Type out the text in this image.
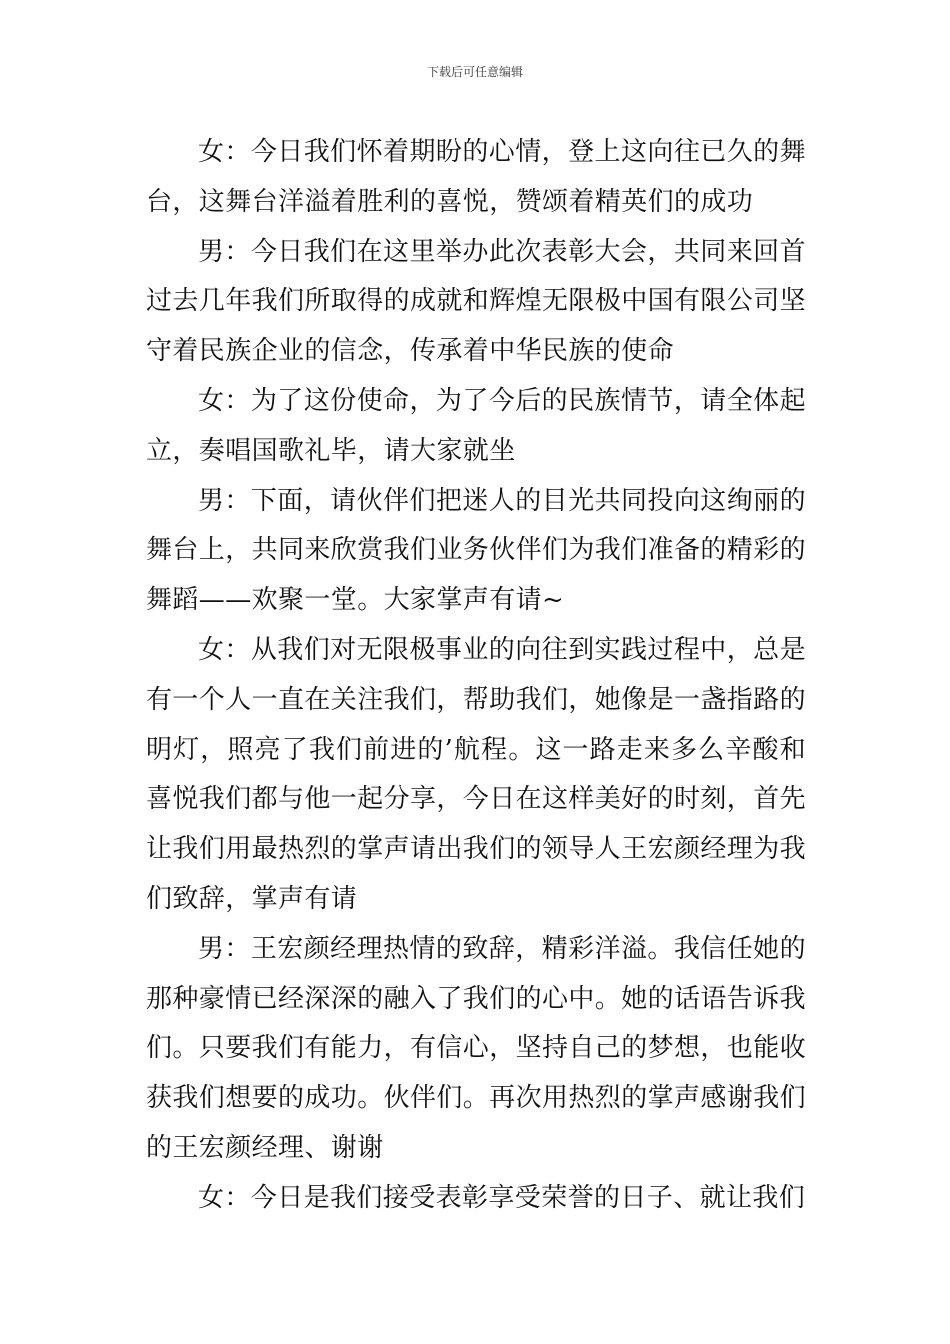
下载后可任意编辑

女：今日我们怀着期盼的心情，登上这向往已久的舞台，这舞台洋溢着胜利的喜悦，赞颂着精英们的成功

男：今日我们在这里举办此次表彰大会，共同来回首过去几年我们所取得的成就和辉煌无限极中国有限公司坚守着民族企业的信念，传承着中华民族的使命

女：为了这份使命，为了今后的民族情节，请全体起立，奏唱国歌礼毕，请大家就坐

男：下面，请伙伴们把迷人的目光共同投向这绚丽的舞台上，共同来欣赏我们业务伙伴们为我们准备的精彩的舞蹈——欢聚一堂。大家掌声有请~

女：从我们对无限极事业的向往到实践过程中，总是有一个人一直在关注我们，帮助我们，她像是一盏指路的明灯，照亮了我们前进的’航程。这一路走来多么辛酸和喜悦我们都与他一起分享，今日在这样美好的时刻，首先让我们用最热烈的掌声请出我们的领导人王宏颜经理为我们致辞，掌声有请

男：王宏颜经理热情的致辞，精彩洋溢。我信任她的那种豪情已经深深的融入了我们的心中。她的话语告诉我们。只要我们有能力，有信心，坚持自己的梦想，也能收获我们想要的成功。伙伴们。再次用热烈的掌声感谢我们的王宏颜经理、谢谢

女：今日是我们接受表彰享受荣誉的日子、就让我们
